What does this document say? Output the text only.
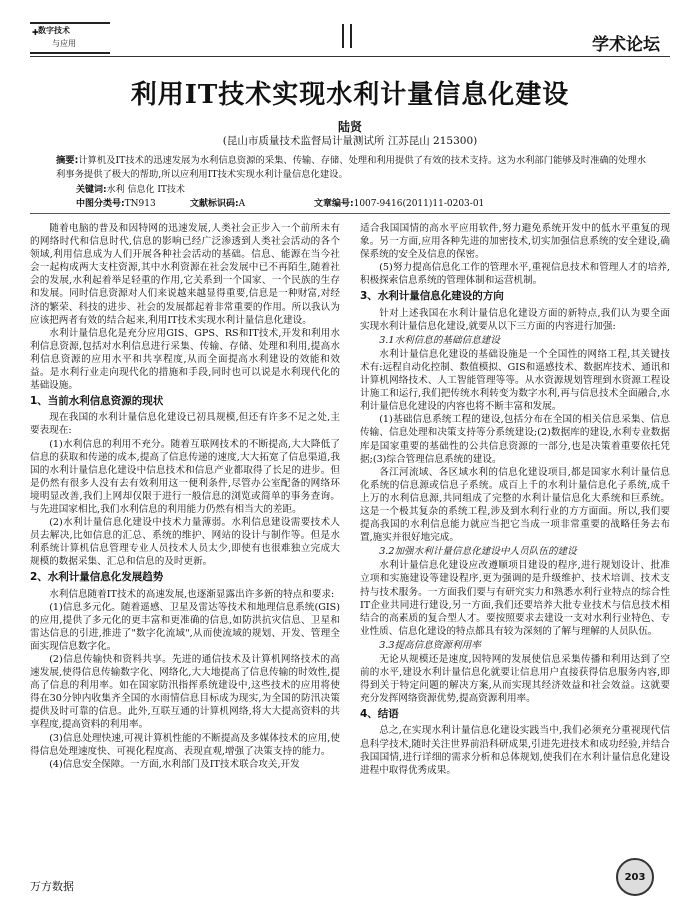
✚ 数字技术
与应用	学术论坛
利用IT技术实现水利计量信息化建设
陆贤
(昆山市质量技术监督局计量测试所 江苏昆山 215300)
摘要:计算机及IT技术的迅速发展为水利信息资源的采集、传输、存储、处理和利用提供了有效的技术支持。这为水利部门能够及时准确的处理水利事务提供了极大的帮助,所以应利用IT技术实现水利计量信息化建设。
关键词:水利 信息化 IT技术
中图分类号:TN913	文献标识码:A	文章编号:1007-9416(2011)11-0203-01

随着电脑的普及和因特网的迅速发展,人类社会正步入一个前所未有的网络时代和信息时代,信息的影响已经广泛渗透到人类社会活动的各个领域,利用信息成为人们开展各种社会活动的基础。信息、能源在当今社会一起构成两大支柱资源,其中水利资源在社会发展中已不再陌生,随着社会的发展,水利起着举足轻重的作用,它关系到一个国家、一个民族的生存和发展。同时信息资源对人们来说越来越显得重要,信息是一种财富,对经济的繁荣、科技的进步、社会的发展都起着非常重要的作用。所以我认为应该把两者有效的结合起来,利用IT技术实现水利计量信息化建设。

水利计量信息化是充分应用GIS、GPS、RS和IT技术,开发和利用水利信息资源,包括对水利信息进行采集、传输、存储、处理和利用,提高水利信息资源的应用水平和共享程度,从而全面提高水利建设的效能和效益。是水利行业走向现代化的措施和手段,同时也可以说是水利现代化的基础设施。

1、当前水利信息资源的现状

现在我国的水利计量信息化建设已初具规模,但还有许多不足之处,主要表现在:

(1)水利信息的利用不充分。随着互联网技术的不断提高,大大降低了信息的获取和传递的成本,提高了信息传递的速度,大大拓宽了信息渠道,我国的水利计量信息化建设中信息技术和信息产业都取得了长足的进步。但是仍然有很多人没有去有效利用这一便利条件,尽管办公室配备的网络环境明显改善,我们上网却仅限于进行一般信息的浏览或简单的事务查询。与先进国家相比,我们水利信息的利用能力仍然有相当大的差距。

(2)水利计量信息化建设中技术力量薄弱。水利信息建设需要技术人员去解决,比如信息的汇总、系统的维护、网站的设计与制作等。但是水利系统计算机信息管理专业人员技术人员太少,即使有也很难独立完成大规模的数据采集、汇总和信息的及时更新。

2、水利计量信息化发展趋势

水利信息随着IT技术的高速发展,也逐渐显露出许多新的特点和要求:

(1)信息多元化。随着遥感、卫星及雷达等技术和地理信息系统(GIS)的应用,提供了多元化的更丰富和更准确的信息,如防洪抗灾信息、卫星和雷达信息的引进,推进了"数字化流域",从而使流域的规划、开发、管理全面实现信息数字化。

(2)信息传输快和资料共享。先进的通信技术及计算机网络技术的高速发展,使得信息传输数字化、网络化,大大地提高了信息传输的时效性,提高了信息的利用率。如在国家防汛指挥系统建设中,这些技术的应用将使得在30分钟内收集齐全国的水雨情信息目标成为现实,为全国的防汛决策提供及时可靠的信息。此外,互联互通的计算机网络,将大大提高资料的共享程度,提高资料的利用率。

(3)信息处理快速,可视计算机性能的不断提高及多媒体技术的应用,使得信息处理速度快、可视化程度高、表现直观,增强了决策支持的能力。

(4)信息安全保障。一方面,水利部门及IT技术联合攻关,开发

适合我国国情的高水平应用软件,努力避免系统开发中的低水平重复的现象。另一方面,应用各种先进的加密技术,切实加强信息系统的安全建设,确保系统的安全及信息的保密。

(5)努力提高信息化工作的管理水平,重视信息技术和管理人才的培养,积极探索信息系统的管理体制和运营机制。

3、水利计量信息化建设的方向

针对上述我国在水利计量信息化建设方面的新特点,我们认为要全面实现水利计量信息化建设,就要从以下三方面的内容进行加强:

3.1水利信息的基础信息建设

水利计量信息化建设的基础设施是一个全国性的网络工程,其关键技术有:远程自动化控制、数值模拟、GIS和遥感技术、数据库技术、通讯和计算机网络技术、人工智能管理等等。从水资源规划管理到水资源工程设计施工和运行,我们把传统水利转变为数字水利,再与信息技术全面融合,水利计量信息化建设的内容也将不断丰富和发展。

(1)基础信息系统工程的建设,包括分布在全国的相关信息采集、信息传输、信息处理和决策支持等分系统建设;(2)数据库的建设,水利专业数据库是国家重要的基础性的公共信息资源的一部分,也是决策着重要依托凭据;(3)综合管理信息系统的建设。

各江河流域、各区域水利的信息化建设项目,都是国家水利计量信息化系统的信息源或信息子系统。成百上千的水利计量信息化子系统,成千上万的水利信息源,共同组成了完整的水利计量信息化大系统和巨系统。这是一个极其复杂的系统工程,涉及到水利行业的方方面面。所以,我们要提高我国的水利信息能力就应当把它当成一项非常重要的战略任务去布置,施实并很好地完成。

3.2加强水利计量信息化建设中人员队伍的建设

水利计量信息化建设应改遵顺项目建设的程序,进行规划设计、批准立项和实施建设等建设程序,更为强调的是升级维护、技术培训、技术支持与技术服务。一方面我们要与有研究实力和熟悉水利行业特点的综合性IT企业共同进行建设,另一方面,我们还要培养大批专业技术与信息技术相结合的高素质的复合型人才。要按照要求去建设一支对水利行业特色、专业性质、信息化建设的特点都具有较为深刻的了解与理解的人员队伍。

3.3提高信息资源利用率

无论从规模还是速度,因特网的发展使信息采集传播和利用达到了空前的水平,建设水利计量信息化就要让信息用户直接获得信息服务内容,即得到关于特定问题的解决方案,从而实现其经济效益和社会效益。这就要充分发挥网络资源优势,提高资源利用率。

4、结语

总之,在实现水利计量信息化建设实践当中,我们必须充分重视现代信息科学技术,随时关注世界前沿科研成果,引进先进技术和成功经验,并结合我国国情,进行详细的需求分析和总体规划,使我们在水利计量信息化建设进程中取得优秀成果。

万方数据
203
